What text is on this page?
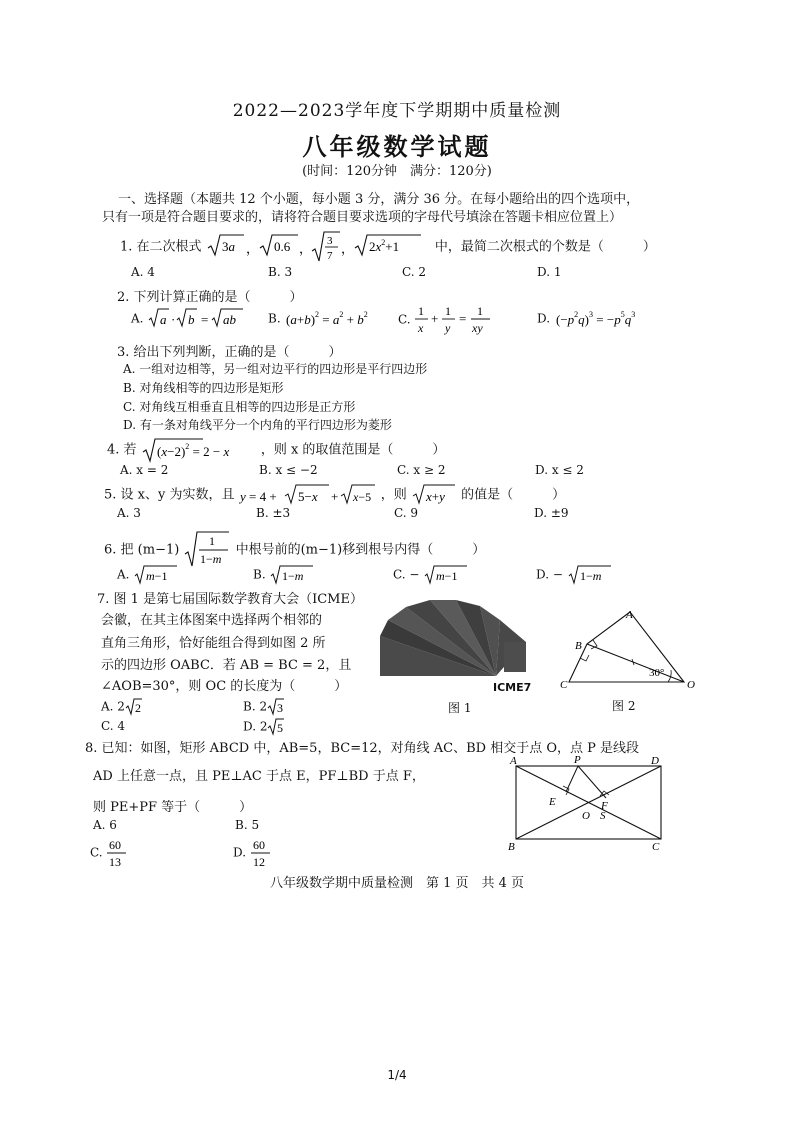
2022—2023学年度下学期期中质量检测
八年级数学试题
(时间：120分钟　满分：120分)
一、选择题（本题共 12 个小题，每小题 3 分，满分 36 分。在每小题给出的四个选项中，
只有一项是符合题目要求的，请将符合题目要求选项的字母代号填涂在答题卡相应位置上）
1. 在二次根式 3a ， 0.6 ， 3
7 ， $2x^2+1$	中，最简二次根式的个数是（　　　）
A. 4	B. 3	C. 2	D. 1
2. 下列计算正确的是（　　　）
A. a · b = ab	B. $(a+b)^2 = a^2 + b^2$ C.
1
x
+ 1
y
= 1
xy
D. $(-p^2q)^3 = -p^5q^3$
3. 给出下列判断，正确的是（　　　）
A. 一组对边相等，另一组对边平行的四边形是平行四边形
B. 对角线相等的四边形是矩形
C. 对角线互相垂直且相等的四边形是正方形
D. 有一条对角线平分一个内角的平行四边形为菱形
4. 若 $(x-2)^2 = 2 - x$ ，则 x 的取值范围是（　　　）
A. x = 2	B. x ≤ −2	C. x ≥ 2	D. x ≤ 2
5. 设 x、y 为实数，且 y = 4 + 5−x + x−5 ，则 x+y 的值是（　　　）
A. 3	B. ±3	C. 9	D. ±9
6. 把 (m−1)
1
1−m
中根号前的(m−1)移到根号内得（　　　）
A. m−1	B. 1−m	C. − m−1	D. − 1−m
7. 图 1 是第七届国际数学教育大会（ICME）
会徽，在其主体图案中选择两个相邻的
直角三角形，恰好能组合得到如图 2 所
示的四边形 OABC．若 AB = BC = 2，且
∠AOB=30°，则 OC 的长度为（　　　）
A. 2 2	B. 2 3
C. 4	D. 2 5
ICME7
图 1
30°
A
B
C	O
图 2
8. 已知：如图，矩形 ABCD 中，AB=5，BC=12，对角线 AC、BD 相交于点 O，点 P 是线段
AD 上任意一点，且 PE⊥AC 于点 E，PF⊥BD 于点 F，
则 PE+PF 等于（　　　）
A. 6	B. 5
C.
60
13
D.
60
12
A	P	D
B	C
E	F
O S
八年级数学期中质量检测　第 1 页　共 4 页
1/4
